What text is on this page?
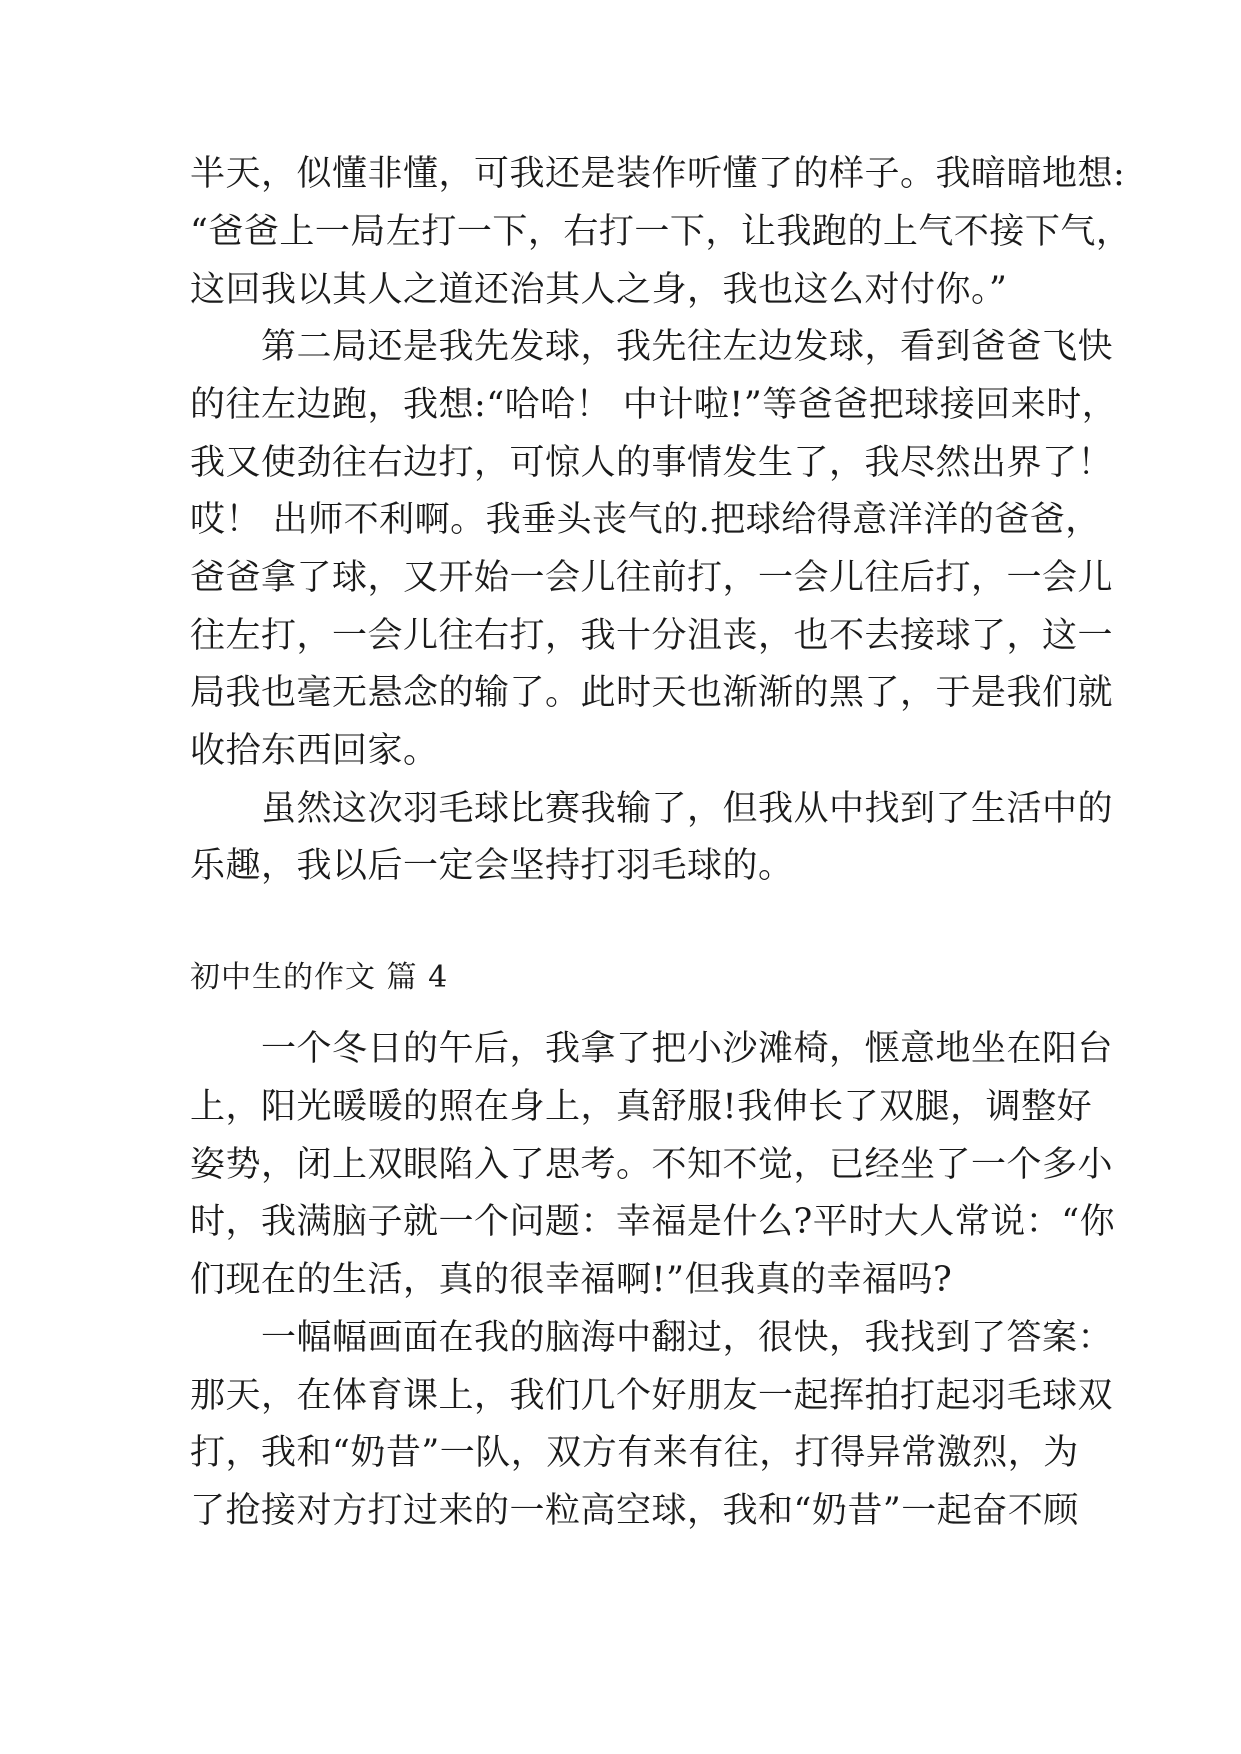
半天，似懂非懂，可我还是装作听懂了的样子。我暗暗地想:
“爸爸上一局左打一下，右打一下，让我跑的上气不接下气，
这回我以其人之道还治其人之身，我也这么对付你。”
　　第二局还是我先发球，我先往左边发球，看到爸爸飞快
的往左边跑，我想:“哈哈！ 中计啦!”等爸爸把球接回来时，
我又使劲往右边打，可惊人的事情发生了，我尽然出界了！
哎！ 出师不利啊。我垂头丧气的.把球给得意洋洋的爸爸，
爸爸拿了球，又开始一会儿往前打，一会儿往后打，一会儿
往左打，一会儿往右打，我十分沮丧，也不去接球了，这一
局我也毫无悬念的输了。此时天也渐渐的黑了，于是我们就
收拾东西回家。
　　虽然这次羽毛球比赛我输了，但我从中找到了生活中的
乐趣，我以后一定会坚持打羽毛球的。
初中生的作文 篇 4
　　一个冬日的午后，我拿了把小沙滩椅，惬意地坐在阳台
上，阳光暖暖的照在身上，真舒服!我伸长了双腿，调整好
姿势，闭上双眼陷入了思考。不知不觉，已经坐了一个多小
时，我满脑子就一个问题：幸福是什么?平时大人常说：“你
们现在的生活，真的很幸福啊!”但我真的幸福吗?
　　一幅幅画面在我的脑海中翻过，很快，我找到了答案：
那天，在体育课上，我们几个好朋友一起挥拍打起羽毛球双
打，我和“奶昔”一队，双方有来有往，打得异常激烈，为
了抢接对方打过来的一粒高空球，我和“奶昔”一起奋不顾
